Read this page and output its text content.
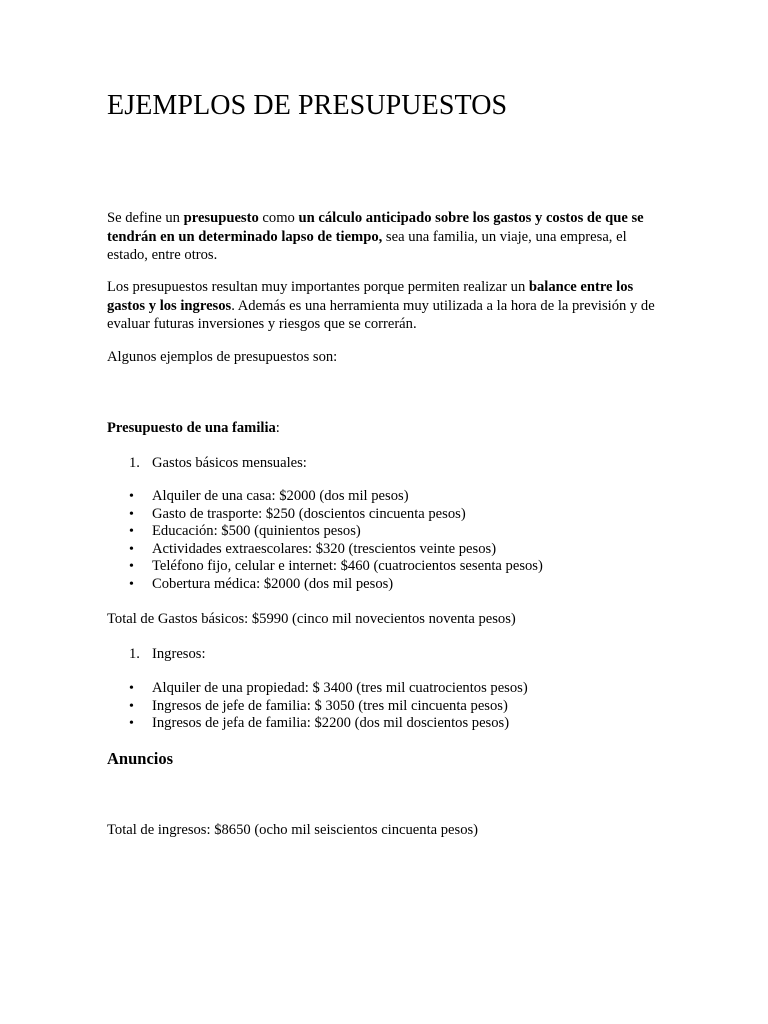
EJEMPLOS DE PRESUPUESTOS

Se define un presupuesto como un cálculo anticipado sobre los gastos y costos de que se tendrán en un determinado lapso de tiempo, sea una familia, un viaje, una empresa, el estado, entre otros.

Los presupuestos resultan muy importantes porque permiten realizar un balance entre los gastos y los ingresos. Además es una herramienta muy utilizada a la hora de la previsión y de evaluar futuras inversiones y riesgos que se correrán.

Algunos ejemplos de presupuestos son:

Presupuesto de una familia:

1. Gastos básicos mensuales:

• Alquiler de una casa: $2000 (dos mil pesos)
• Gasto de trasporte: $250 (doscientos cincuenta pesos)
• Educación: $500 (quinientos pesos)
• Actividades extraescolares: $320 (trescientos veinte pesos)
• Teléfono fijo, celular e internet: $460 (cuatrocientos sesenta pesos)
• Cobertura médica: $2000 (dos mil pesos)

Total de Gastos básicos: $5990 (cinco mil novecientos noventa pesos)

1. Ingresos:

• Alquiler de una propiedad: $ 3400 (tres mil cuatrocientos pesos)
• Ingresos de jefe de familia: $ 3050 (tres mil cincuenta pesos)
• Ingresos de jefa de familia: $2200 (dos mil doscientos pesos)
Anuncios

Total de ingresos: $8650 (ocho mil seiscientos cincuenta pesos)
